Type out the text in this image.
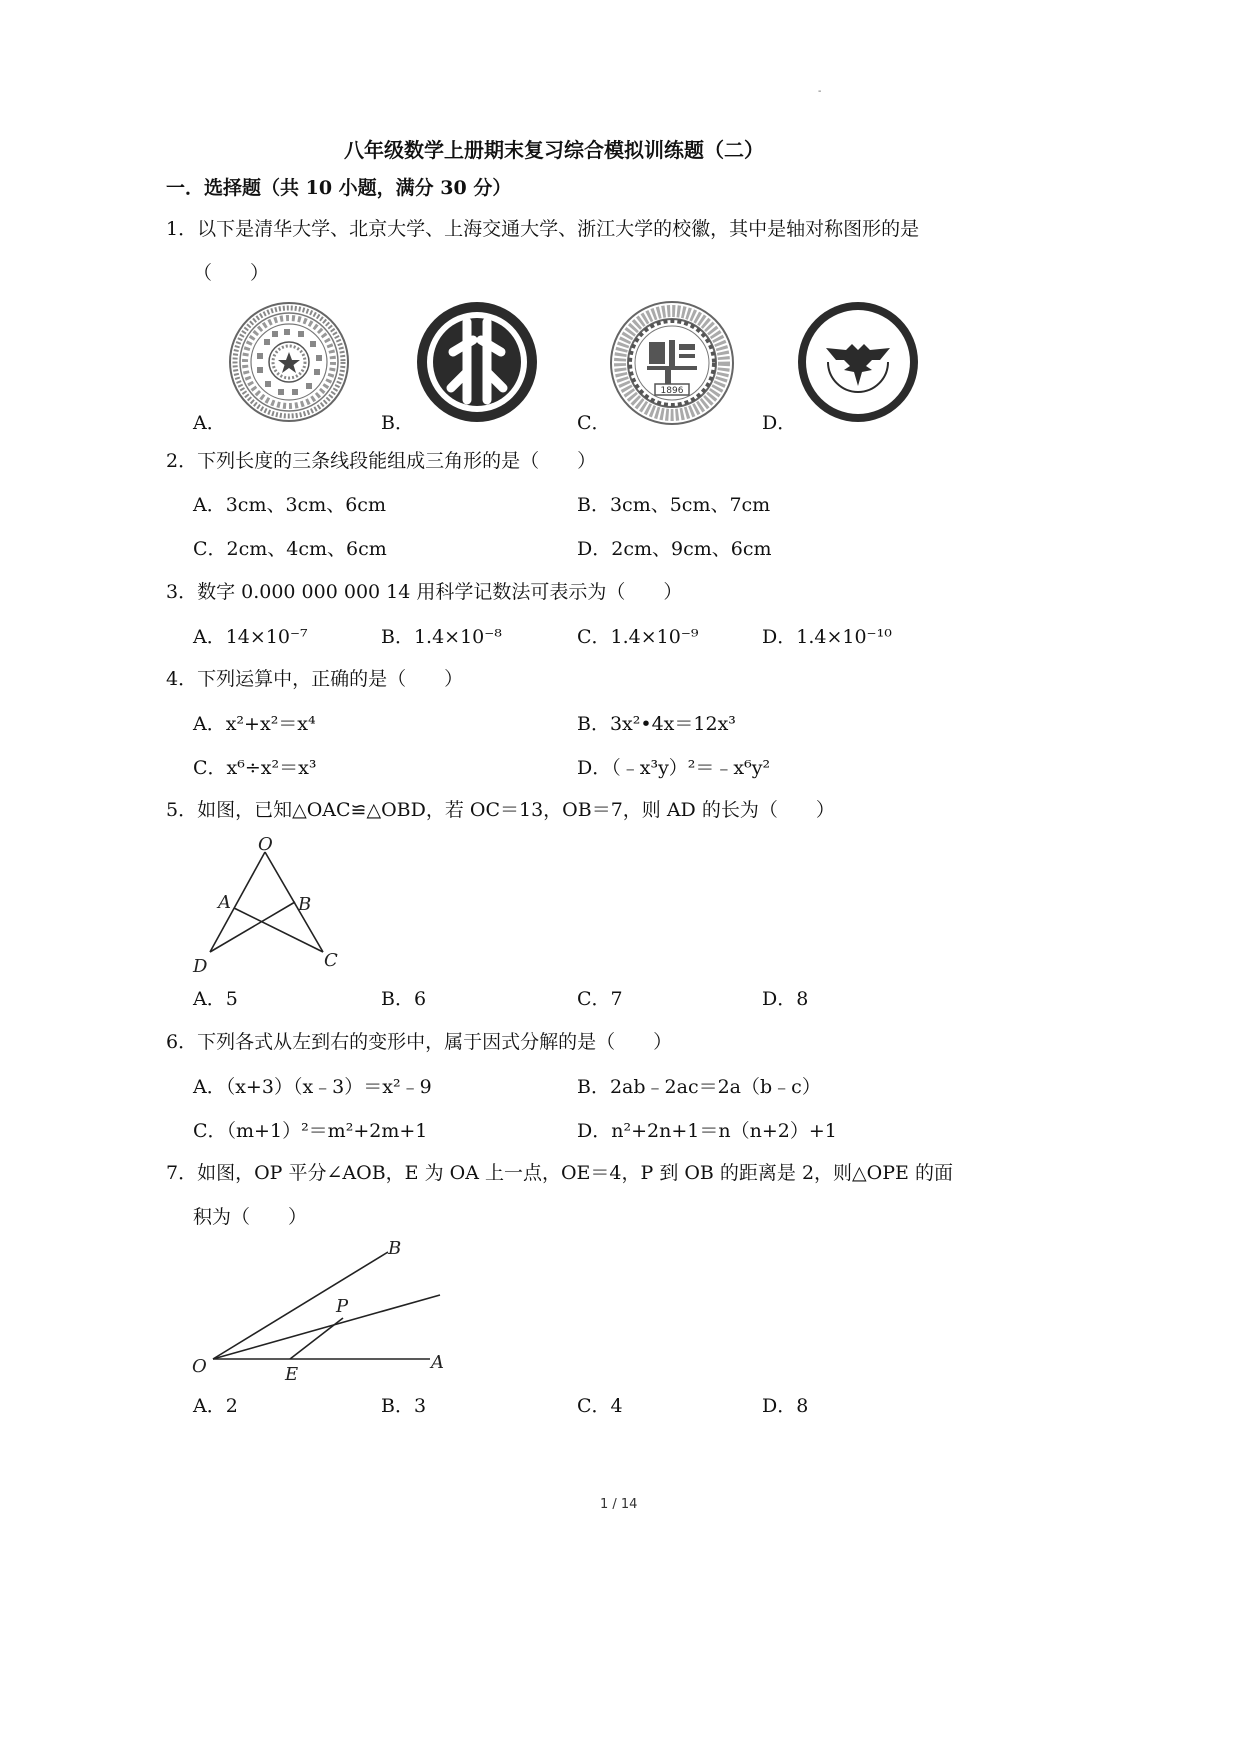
-
八年级数学上册期末复习综合模拟训练题（二）
一．选择题（共 10 小题，满分 30 分）
1．以下是清华大学、北京大学、上海交通大学、浙江大学的校徽，其中是轴对称图形的是
（　　）
A．
北大
B．
1896
C．	D．
2．下列长度的三条线段能组成三角形的是（　　）
A．3cm、3cm、6cm	B．3cm、5cm、7cm
C．2cm、4cm、6cm	D．2cm、9cm、6cm
3．数字 0.000 000 000 14 用科学记数法可表示为（　　）
A．14×10⁻⁷	B．1.4×10⁻⁸	C．1.4×10⁻⁹	D．1.4×10⁻¹⁰
4．下列运算中，正确的是（　　）
A．x²+x²＝x⁴	B．3x²•4x＝12x³
C．x⁶÷x²＝x³	D．（﹣x³y）²＝﹣x⁶y²
5．如图，已知△OAC≌△OBD，若 OC＝13，OB＝7，则 AD 的长为（　　）
O
A	B
D	C
A．5	B．6	C．7	D．8
6．下列各式从左到右的变形中，属于因式分解的是（　　）
A．（x+3）（x﹣3）＝x²﹣9	B．2ab﹣2ac＝2a（b﹣c）
C．（m+1）²＝m²+2m+1	D．n²+2n+1＝n（n+2）+1
7．如图，OP 平分∠AOB，E 为 OA 上一点，OE＝4，P 到 OB 的距离是 2，则△OPE 的面
积为（　　）
B
P
O	E
A
A．2	B．3	C．4	D．8
1 / 14
